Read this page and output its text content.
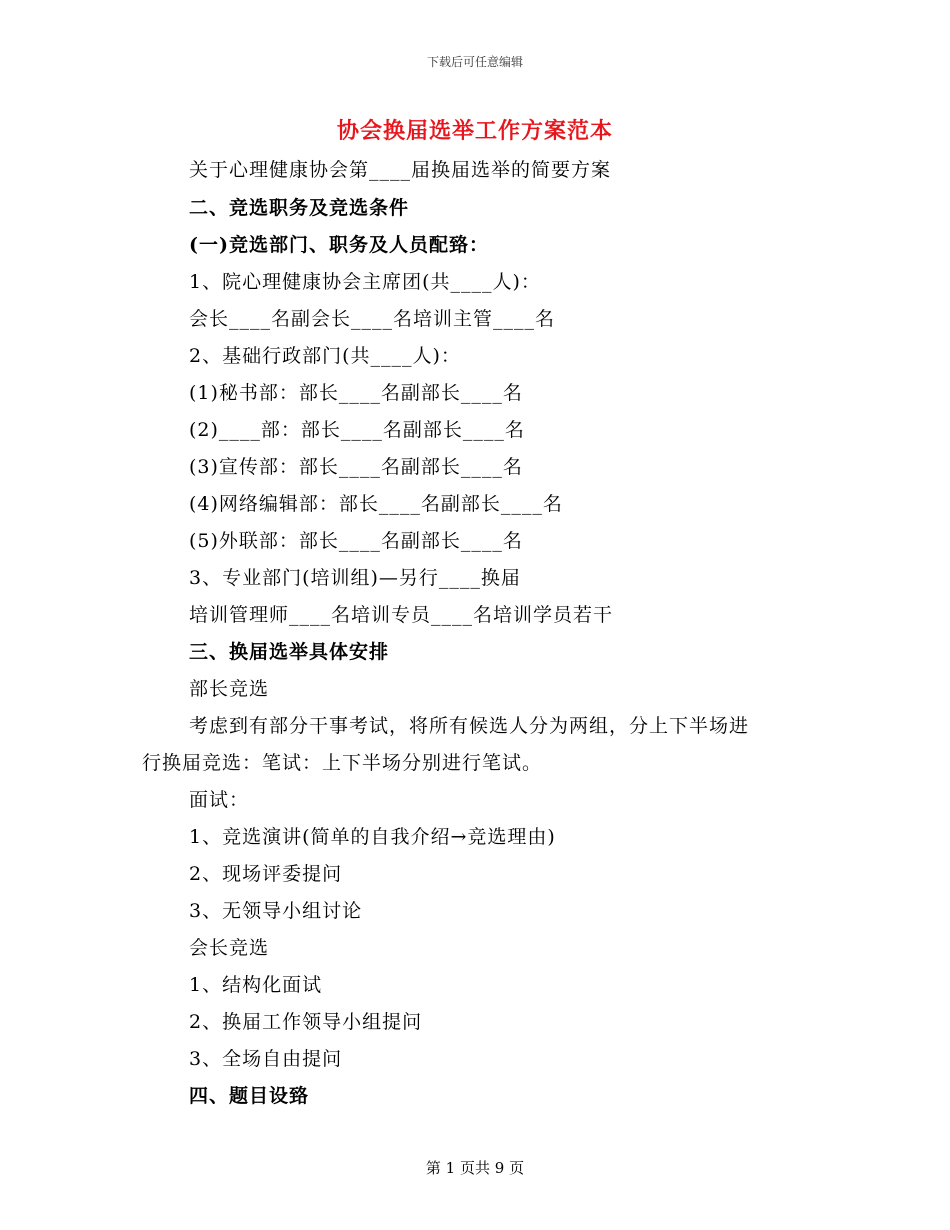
下载后可任意编辑
协会换届选举工作方案范本
关于心理健康协会第____届换届选举的简要方案
二、竞选职务及竞选条件
(一)竞选部门、职务及人员配臵：
1、院心理健康协会主席团(共____人)：
会长____名副会长____名培训主管____名
2、基础行政部门(共____人)：
(1)秘书部：部长____名副部长____名
(2)____部：部长____名副部长____名
(3)宣传部：部长____名副部长____名
(4)网络编辑部：部长____名副部长____名
(5)外联部：部长____名副部长____名
3、专业部门(培训组)—另行____换届
培训管理师____名培训专员____名培训学员若干
三、换届选举具体安排
部长竞选
考虑到有部分干事考试，将所有候选人分为两组，分上下半场进
行换届竞选：笔试：上下半场分别进行笔试。
面试：
1、竞选演讲(简单的自我介绍→竞选理由)
2、现场评委提问
3、无领导小组讨论
会长竞选
1、结构化面试
2、换届工作领导小组提问
3、全场自由提问
四、题目设臵
第 1 页共 9 页
